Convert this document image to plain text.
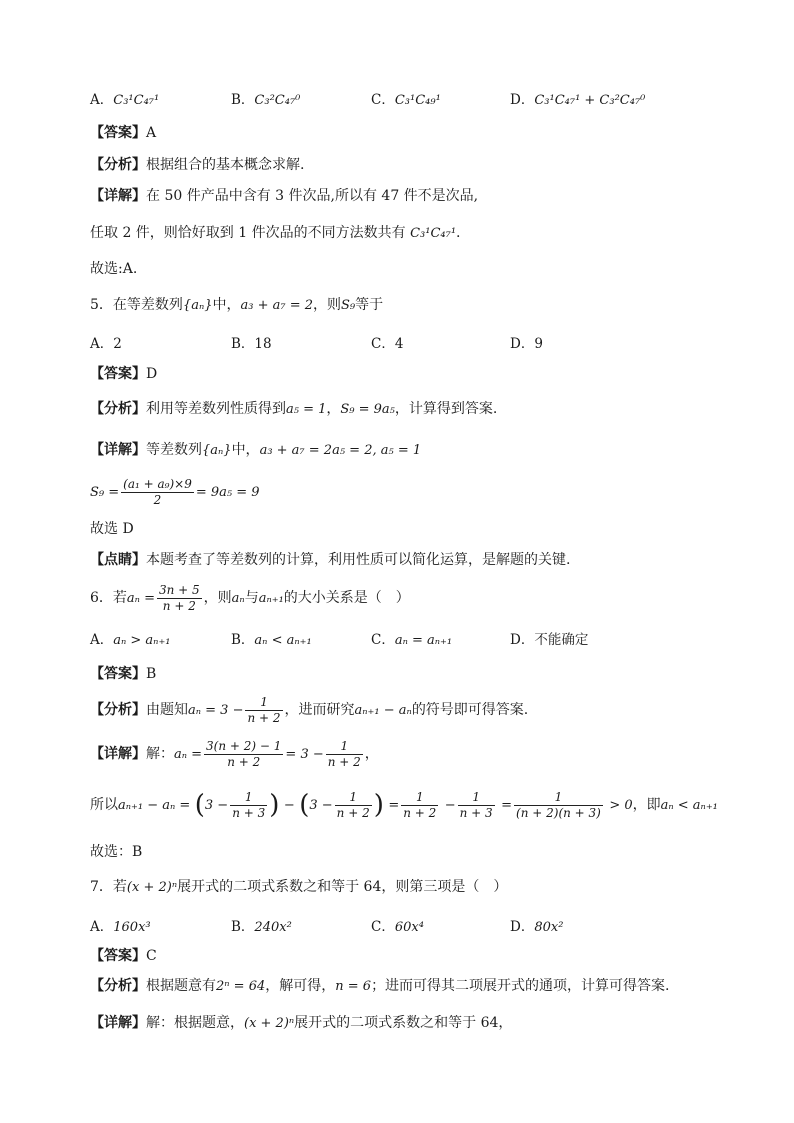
A．C₃¹C₄₇¹	B．C₃²C₄₇⁰	C．C₃¹C₄₉¹	D．C₃¹C₄₇¹ + C₃²C₄₇⁰
【答案】A
【分析】根据组合的基本概念求解.
【详解】在 50 件产品中含有 3 件次品,所以有 47 件不是次品,
任取 2 件，则恰好取到 1 件次品的不同方法数共有 C₃¹C₄₇¹.
故选:A.
5．在等差数列{aₙ}中，a₃ + a₇ = 2，则S₉等于
A．2	B．18	C．4	D．9
【答案】D
【分析】利用等差数列性质得到a₅ = 1，S₉ = 9a₅，计算得到答案.
【详解】等差数列{aₙ}中，a₃ + a₇ = 2a₅ = 2, a₅ = 1
$S_9 = \frac{\text{(a₁ + a₉)×9}}{2} = 9a_5 = 9$
故选 D
【点睛】本题考查了等差数列的计算，利用性质可以简化运算，是解题的关键.
6．若$a_n = \frac{3n + 5}{n + 2}$ ，则aₙ与aₙ₊₁的大小关系是（　）
A．aₙ > aₙ₊₁	B．aₙ < aₙ₊₁	C．aₙ = aₙ₊₁	D．不能确定
【答案】B
【分析】由题知$a_n = 3 - \frac{1}{n + 2}$ ，进而研究aₙ₊₁ − aₙ的符号即可得答案.
【详解】解：$a_n = \frac{3(n + 2) - 1}{n + 2} = 3 - \frac{1}{n + 2}$ ，
所以$a_{n+1} - a_n = (3 - \frac{1}{n + 3}$ ) − ($3 - \frac{1}{n + 2}$ ) = $\frac{1}{n + 2} - \frac{1}{n + 3} = \frac{1}{(n + 2)(n + 3)} > 0$，即aₙ < aₙ₊₁
故选：B
7．若(x + 2)ⁿ展开式的二项式系数之和等于 64，则第三项是（　）
A．160x³	B．240x²	C．60x⁴	D．80x²
【答案】C
【分析】根据题意有2ⁿ = 64，解可得，n = 6；进而可得其二项展开式的通项，计算可得答案.
【详解】解：根据题意，(x + 2)ⁿ展开式的二项式系数之和等于 64，
